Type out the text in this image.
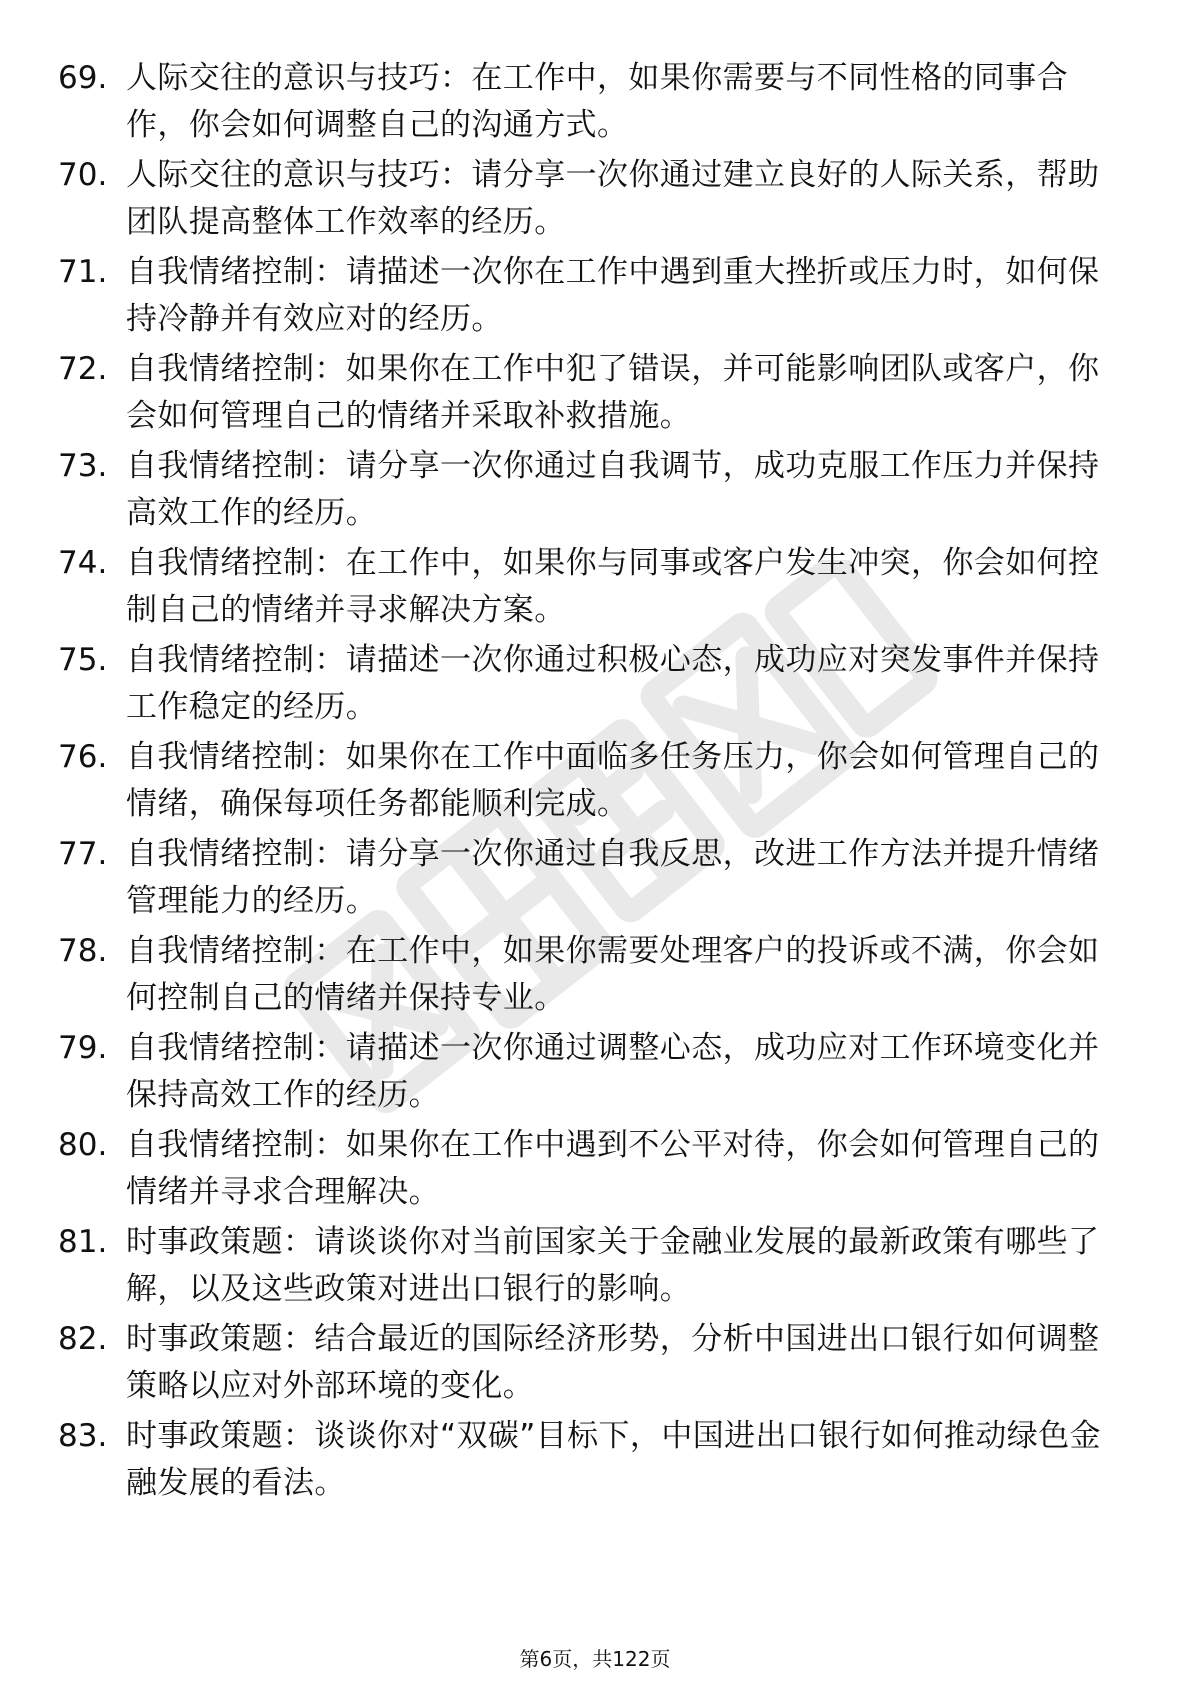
69. 人际交往的意识与技巧：在工作中，如果你需要与不同性格的同事合作，你会如何调整自己的沟通方式。
70. 人际交往的意识与技巧：请分享一次你通过建立良好的人际关系，帮助团队提高整体工作效率的经历。
71. 自我情绪控制：请描述一次你在工作中遇到重大挫折或压力时，如何保持冷静并有效应对的经历。
72. 自我情绪控制：如果你在工作中犯了错误，并可能影响团队或客户，你会如何管理自己的情绪并采取补救措施。
73. 自我情绪控制：请分享一次你通过自我调节，成功克服工作压力并保持高效工作的经历。
74. 自我情绪控制：在工作中，如果你与同事或客户发生冲突，你会如何控制自己的情绪并寻求解决方案。
75. 自我情绪控制：请描述一次你通过积极心态，成功应对突发事件并保持工作稳定的经历。
76. 自我情绪控制：如果你在工作中面临多任务压力，你会如何管理自己的情绪，确保每项任务都能顺利完成。
77. 自我情绪控制：请分享一次你通过自我反思，改进工作方法并提升情绪管理能力的经历。
78. 自我情绪控制：在工作中，如果你需要处理客户的投诉或不满，你会如何控制自己的情绪并保持专业。
79. 自我情绪控制：请描述一次你通过调整心态，成功应对工作环境变化并保持高效工作的经历。
80. 自我情绪控制：如果你在工作中遇到不公平对待，你会如何管理自己的情绪并寻求合理解决。
81. 时事政策题：请谈谈你对当前国家关于金融业发展的最新政策有哪些了解，以及这些政策对进出口银行的影响。
82. 时事政策题：结合最近的国际经济形势，分析中国进出口银行如何调整策略以应对外部环境的变化。
83. 时事政策题：谈谈你对“双碳”目标下，中国进出口银行如何推动绿色金融发展的看法。
第6页，共122页
